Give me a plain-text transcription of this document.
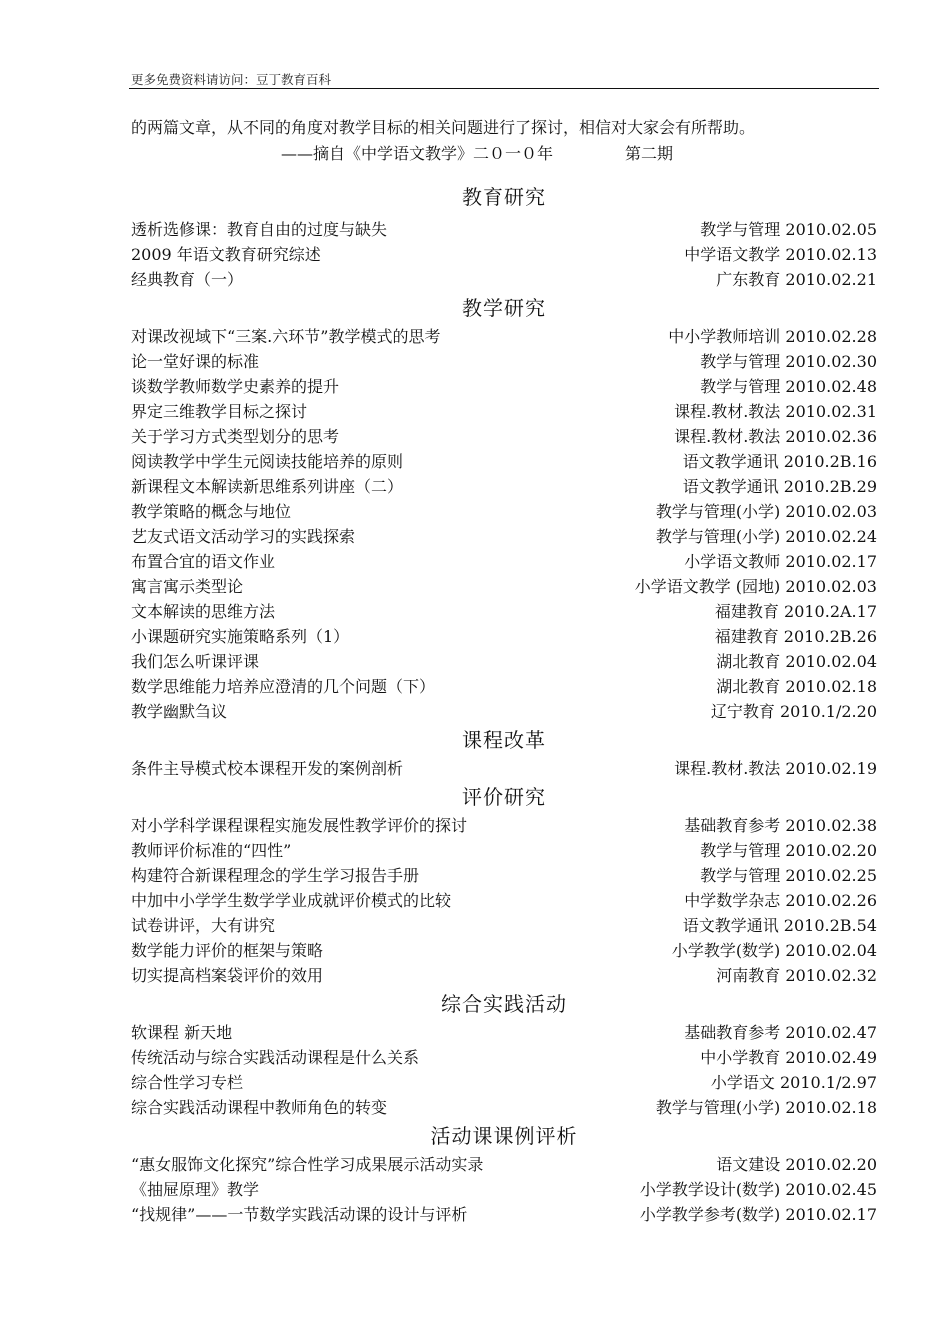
更多免费资料请访问：豆丁教育百科
的两篇文章，从不同的角度对教学目标的相关问题进行了探讨，相信对大家会有所帮助。
——摘自《中学语文教学》二０一０年	第二期
教育研究
透析选修课：教育自由的过度与缺失	教学与管理 2010.02.05
2009 年语文教育研究综述	中学语文教学 2010.02.13
经典教育（一）	广东教育 2010.02.21
教学研究
对课改视域下“三案.六环节”教学模式的思考	中小学教师培训 2010.02.28
论一堂好课的标准	教学与管理 2010.02.30
谈数学教师数学史素养的提升	教学与管理 2010.02.48
界定三维教学目标之探讨	课程.教材.教法 2010.02.31
关于学习方式类型划分的思考	课程.教材.教法 2010.02.36
阅读教学中学生元阅读技能培养的原则	语文教学通讯 2010.2B.16
新课程文本解读新思维系列讲座（二）	语文教学通讯 2010.2B.29
教学策略的概念与地位	教学与管理(小学) 2010.02.03
艺友式语文活动学习的实践探索	教学与管理(小学) 2010.02.24
布置合宜的语文作业	小学语文教师 2010.02.17
寓言寓示类型论	小学语文教学 (园地) 2010.02.03
文本解读的思维方法	福建教育 2010.2A.17
小课题研究实施策略系列（1）	福建教育 2010.2B.26
我们怎么听课评课	湖北教育 2010.02.04
数学思维能力培养应澄清的几个问题（下）	湖北教育 2010.02.18
教学幽默刍议	辽宁教育 2010.1/2.20
课程改革
条件主导模式校本课程开发的案例剖析	课程.教材.教法 2010.02.19
评价研究
对小学科学课程课程实施发展性教学评价的探讨	基础教育参考 2010.02.38
教师评价标准的“四性”	教学与管理 2010.02.20
构建符合新课程理念的学生学习报告手册	教学与管理 2010.02.25
中加中小学学生数学学业成就评价模式的比较	中学数学杂志 2010.02.26
试卷讲评，大有讲究	语文教学通讯 2010.2B.54
数学能力评价的框架与策略	小学教学(数学) 2010.02.04
切实提高档案袋评价的效用	河南教育 2010.02.32
综合实践活动
软课程 新天地	基础教育参考 2010.02.47
传统活动与综合实践活动课程是什么关系	中小学教育 2010.02.49
综合性学习专栏	小学语文 2010.1/2.97
综合实践活动课程中教师角色的转变	教学与管理(小学) 2010.02.18
活动课课例评析
“惠女服饰文化探究”综合性学习成果展示活动实录	语文建设 2010.02.20
《抽屉原理》教学	小学教学设计(数学) 2010.02.45
“找规律”——一节数学实践活动课的设计与评析	小学教学参考(数学) 2010.02.17
